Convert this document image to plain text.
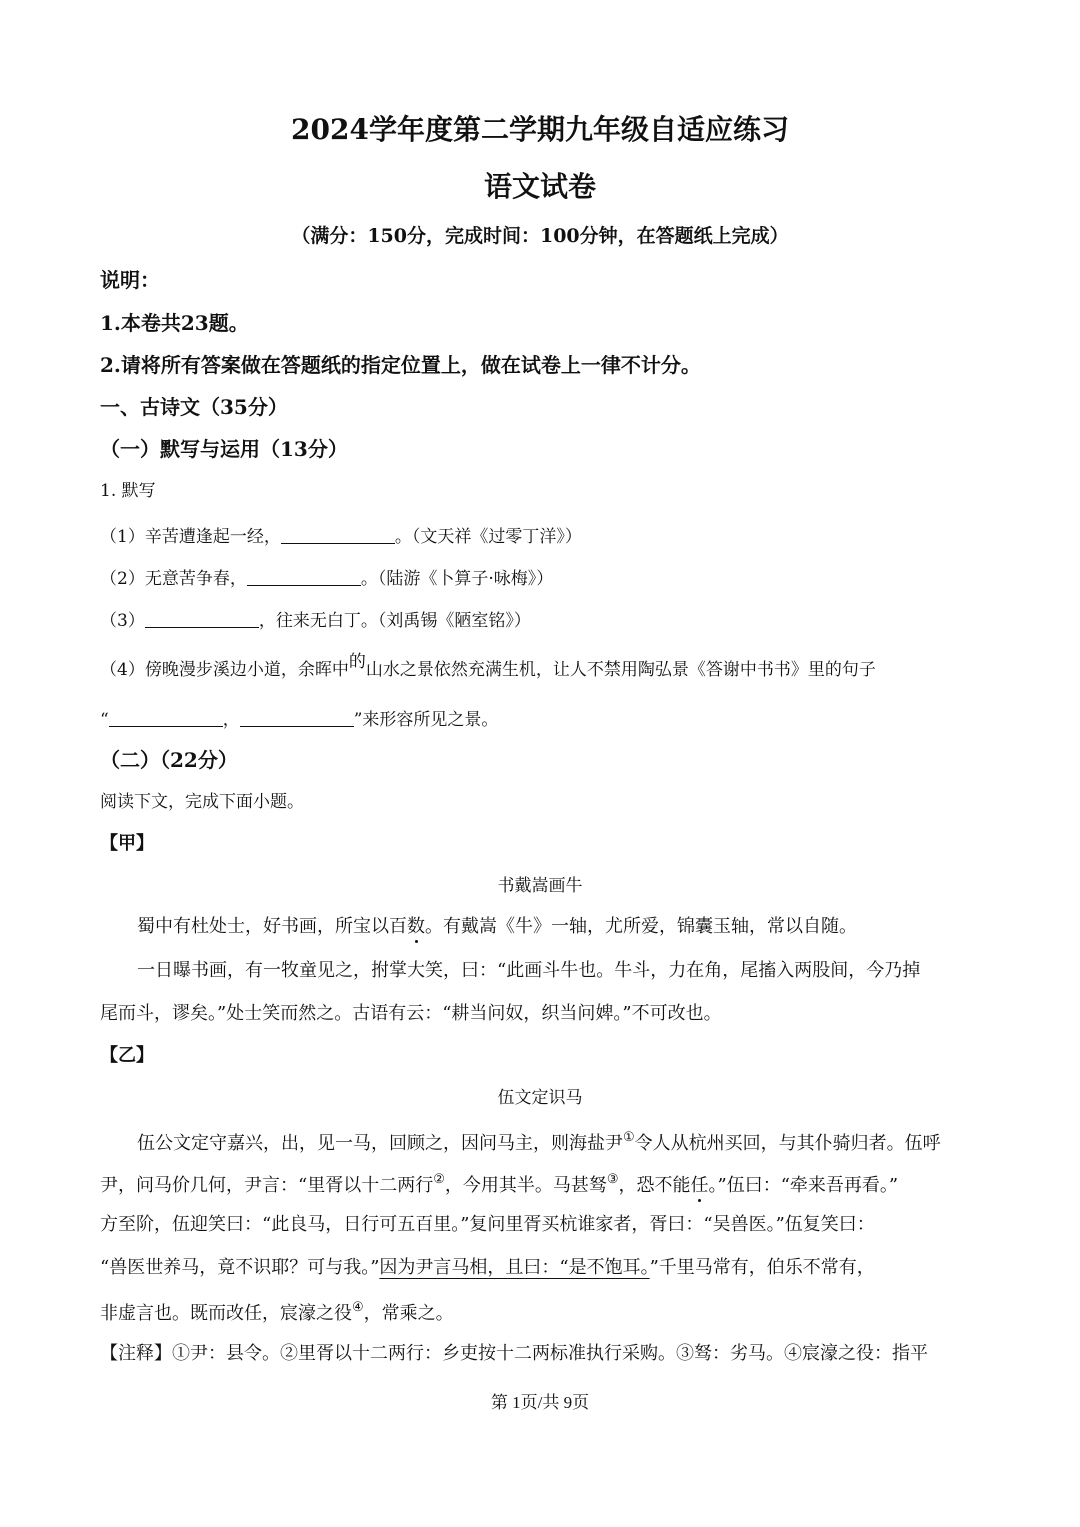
2024学年度第二学期九年级自适应练习
语文试卷
（满分：150分，完成时间：100分钟，在答题纸上完成）
说明：
1.本卷共23题。
2.请将所有答案做在答题纸的指定位置上，做在试卷上一律不计分。
一、古诗文（35分）
（一）默写与运用（13分）
1. 默写
（1）辛苦遭逢起一经，	。（文天祥《过零丁洋》）
（2）无意苦争春，	。（陆游《卜算子·咏梅》）
（3）	，往来无白丁。（刘禹锡《陋室铭》）
（4）傍晚漫步溪边小道，余晖中的山水之景依然充满生机，让人不禁用陶弘景《答谢中书书》里的句子
“	，	”来形容所见之景。
（二）（22分）
阅读下文，完成下面小题。
【甲】
书戴嵩画牛
蜀中有杜处士，好书画，所宝以百数。有戴嵩《牛》一轴，尤所爱，锦囊玉轴，常以自随。
一日曝书画，有一牧童见之，拊掌大笑，曰：“此画斗牛也。牛斗，力在角，尾搐入两股间，今乃掉
尾而斗，谬矣。”处士笑而然之。古语有云：“耕当问奴，织当问婢。”不可改也。
【乙】
伍文定识马
伍公文定守嘉兴，出，见一马，回顾之，因问马主，则海盐尹①令人从杭州买回，与其仆骑归者。伍呼
尹，问马价几何，尹言：“里胥以十二两行②，今用其半。马甚驽③，恐不能任。”伍曰：“牵来吾再看。”
方至阶，伍迎笑曰：“此良马，日行可五百里。”复问里胥买杭谁家者，胥曰：“吴兽医。”伍复笑曰：
“兽医世养马，竟不识耶？可与我。”因为尹言马相，且曰：“是不饱耳。”千里马常有，伯乐不常有，
非虚言也。既而改任，宸濠之役④，常乘之。
【注释】①尹：县令。②里胥以十二两行：乡吏按十二两标准执行采购。③驽：劣马。④宸濠之役：指平
第 1页/共 9页
